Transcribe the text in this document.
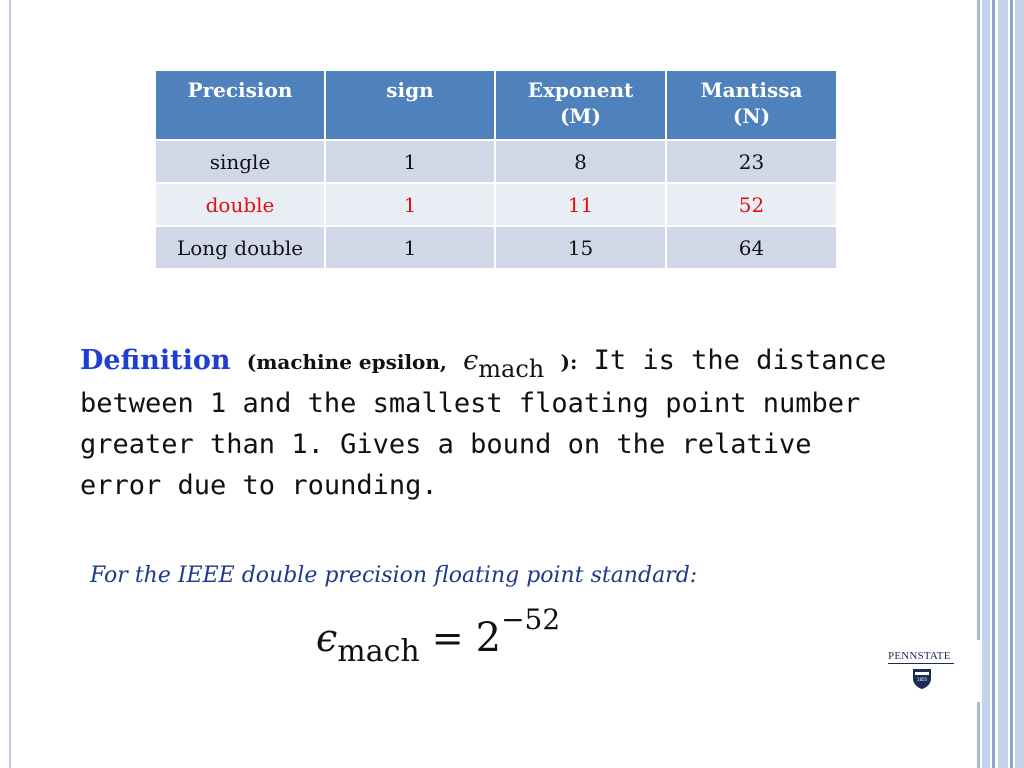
Precision	sign	Exponent (M)	Mantissa (N)
single	1	8	23
double	1	11	52
Long double	1	15	64
Definition (machine epsilon, ϵmach ): It is the distance between 1 and the smallest floating point number greater than 1. Gives a bound on the relative error due to rounding.
For the IEEE double precision floating point standard:
ϵmach = 2−52
PENNSTATE
1855
